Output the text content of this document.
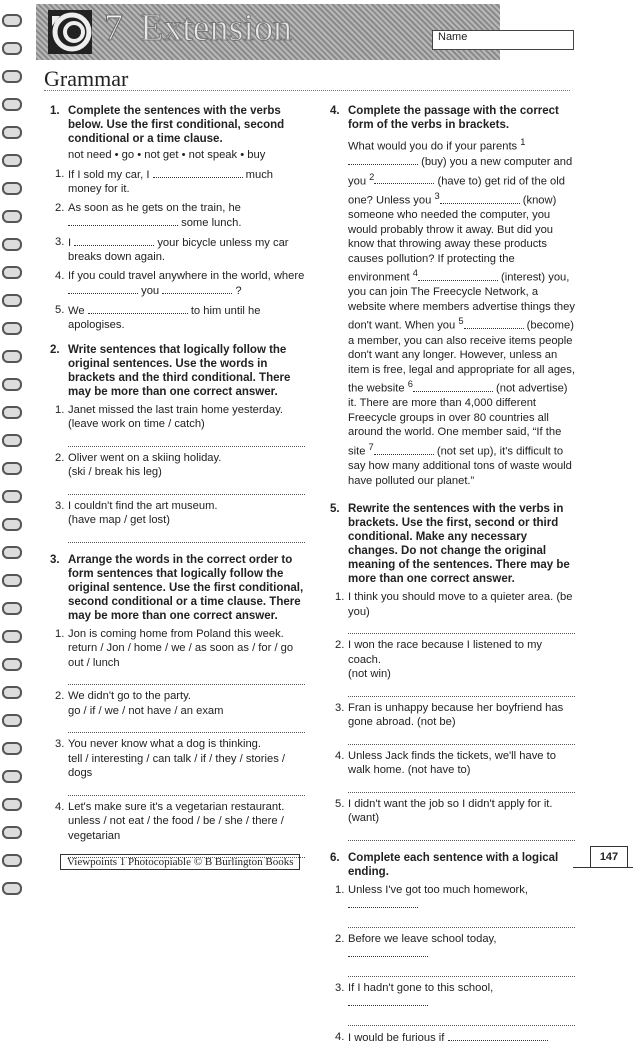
7 Extension	Name
Grammar
1. Complete the sentences with the verbs below. Use the first conditional, second conditional or a time clause.
not need • go • not get • not speak • buy
1. If I sold my car, I	much
money for it.
2. As soon as he gets on the train, he
some lunch.
3. I	your bicycle unless my car
breaks down again.
4. If you could travel anywhere in the world, where
you	?
5. We	to him until he
apologises.
2. Write sentences that logically follow the original sentences. Use the words in brackets and the third conditional. There may be more than one correct answer.
1. Janet missed the last train home yesterday.
(leave work on time / catch)
2. Oliver went on a skiing holiday.
(ski / break his leg)
3. I couldn't find the art museum.
(have map / get lost)
3. Arrange the words in the correct order to form sentences that logically follow the original sentence. Use the first conditional, second conditional or a time clause. There may be more than one correct answer.
1. Jon is coming home from Poland this week.
return / Jon / home / we / as soon as / for / go out / lunch
2. We didn't go to the party.
go / if / we / not have / an exam
3. You never know what a dog is thinking.
tell / interesting / can talk / if / they / stories / dogs
4. Let's make sure it's a vegetarian restaurant.
unless / not eat / the food / be / she / there / vegetarian
4. Complete the passage with the correct form of the verbs in brackets.
What would you do if your parents $^1$ (buy) you a new computer and you $^2$	(have to) get rid of the old one? Unless you $^3$	(know) someone who needed the computer, you would probably throw it away. But did you know that throwing away these products causes pollution? If protecting the environment $^4$	(interest) you, you can join The Freecycle Network, a website where members advertise things they don't want. When you $^5$	(become) a member, you can also receive items people don't want any longer. However, unless an item is free, legal and appropriate for all ages, the website $^6$	(not advertise) it. There are more than 4,000 different Freecycle groups in over 80 countries all around the world. One member said, “If the site $^7$	(not set up), it's difficult to say how many additional tons of waste would have polluted our planet.”
5. Rewrite the sentences with the verbs in brackets. Use the first, second or third conditional. Make any necessary changes. Do not change the original meaning of the sentences. There may be more than one correct answer.
1. I think you should move to a quieter area. (be you)
2. I won the race because I listened to my coach.
(not win)
3. Fran is unhappy because her boyfriend has gone abroad. (not be)
4. Unless Jack finds the tickets, we'll have to walk home. (not have to)
5. I didn't want the job so I didn't apply for it. (want)
6. Complete each sentence with a logical ending.
1. Unless I've got too much homework,
2. Before we leave school today,
3. If I hadn't gone to this school,
4. I would be furious if
Viewpoints 1 Photocopiable © B Burlington Books	147
